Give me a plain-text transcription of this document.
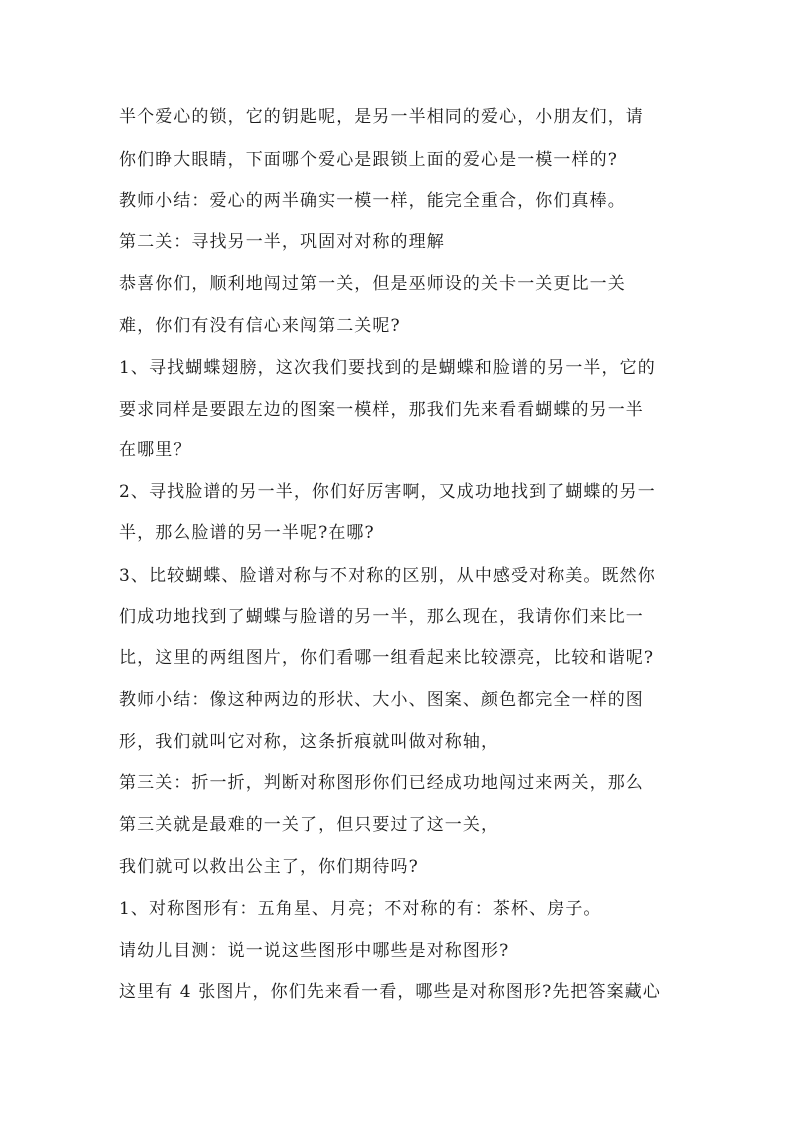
半个爱心的锁，它的钥匙呢，是另一半相同的爱心，小朋友们，请
你们睁大眼睛，下面哪个爱心是跟锁上面的爱心是一模一样的?
教师小结：爱心的两半确实一模一样，能完全重合，你们真棒。
第二关：寻找另一半，巩固对对称的理解
恭喜你们，顺利地闯过第一关，但是巫师设的关卡一关更比一关
难，你们有没有信心来闯第二关呢?
1、寻找蝴蝶翅膀，这次我们要找到的是蝴蝶和脸谱的另一半，它的
要求同样是要跟左边的图案一模样，那我们先来看看蝴蝶的另一半
在哪里？
2、寻找脸谱的另一半，你们好厉害啊，又成功地找到了蝴蝶的另一
半，那么脸谱的另一半呢?在哪?
3、比较蝴蝶、脸谱对称与不对称的区别，从中感受对称美。既然你
们成功地找到了蝴蝶与脸谱的另一半，那么现在，我请你们来比一
比，这里的两组图片，你们看哪一组看起来比较漂亮，比较和谐呢?
教师小结：像这种两边的形状、大小、图案、颜色都完全一样的图
形，我们就叫它对称，这条折痕就叫做对称轴，
第三关：折一折，判断对称图形你们已经成功地闯过来两关，那么
第三关就是最难的一关了，但只要过了这一关，
我们就可以救出公主了，你们期待吗?
1、对称图形有：五角星、月亮；不对称的有：茶杯、房子。
请幼儿目测：说一说这些图形中哪些是对称图形?
这里有 4 张图片，你们先来看一看，哪些是对称图形?先把答案藏心
